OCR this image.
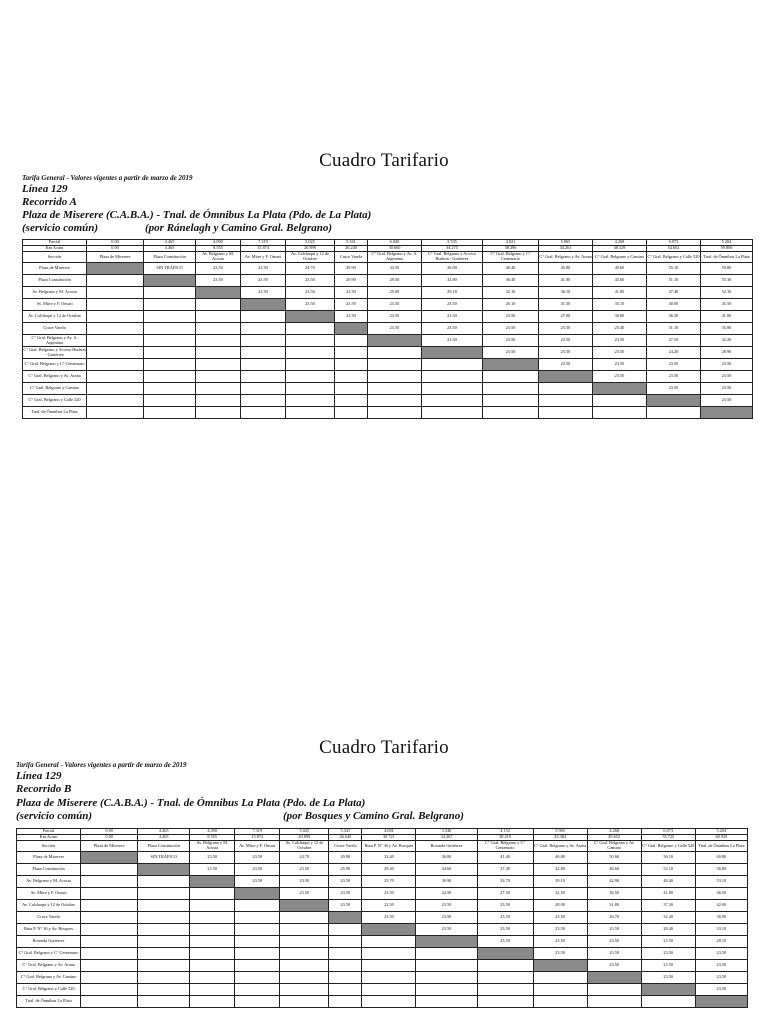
Cuadro Tarifario
Tarifa General - Valores vigentes a partir de marzo de 2019
Línea 129
Recorrido A
Plaza de Miserere (C.A.B.A.) - Tnal. de Ómnibus La Plata (Pdo. de La Plata)
(servicio común)	(por Ránelagh y Camino Gral. Belgrano)
Parcial	0.00	4.465	4.090	7.319	5.025	5.341	6.020	3.535	4.021	5.965	4.268	6.073	5.204
Km Acum	0.00	4.465	8.555	15.874	20.899	26.240	30.660	34.275	38.296	44.261	48.529	54.602	59.806
Sección	Plaza de Miserere	Plaza Constitución	Av. Belgrano y M. Acosta	Av. Mitre y F. Onsari	Av. Calchaquí y 12 de Octubre	Cruce Varela	C° Gral. Belgrano y Av. A. Argentina	C° Gral. Belgrano y Acceso Hudson - Gutiérrez	C° Gral. Belgrano y C° Centenario	C° Gral. Belgrano y Av. Arana	C° Gral. Belgrano y Camino	C° Gral. Belgrano y Calle 520	Tnal. de Ómnibus La Plata
Plaza de Miserere		SIN TRÁFICO	23.50	23.50	24.70	29.90	33.50	36.00	40.40	45.80	49.60	55.10	59.80
Plaza Constitución			23.50	23.50	23.50	29.90	29.50	32.80	36.40	41.80	45.60	51.10	55.30
Av. Belgrano y M. Acosta				23.50	23.50	23.50	25.00	29.18	32.10	36.10	41.80	47.40	52.10
Av. Mitre y F. Onsari					23.50	23.50	23.50	23.50	26.10	31.50	35.10	40.00	45.50
Av. Calchaquí y 12 de Octubre						23.50	23.50	23.50	23.50	27.00	30.80	36.30	41.00
Cruce Varela							23.50	23.50	23.50	23.50	25.40	31.10	35.80
C° Gral. Belgrano y Av. A. Argentina								23.50	23.50	23.50	23.50	27.50	32.20
C° Gral. Belgrano y Acceso Hudson - Gutiérrez									23.50	23.50	23.50	24.20	28.90
C° Gral. Belgrano y C° Centenario										23.50	23.50	23.50	23.50
C° Gral. Belgrano y Av. Arana											23.50	23.50	23.50
C° Gral. Belgrano y Camino												23.50	23.50
C° Gral. Belgrano y Calle 520													23.50
Tnal. de Ómnibus La Plata													
Cuadro Tarifario
Tarifa General - Valores vigentes a partir de marzo de 2019
Línea 129
Recorrido B
Plaza de Miserere (C.A.B.A.) - Tnal. de Ómnibus La Plata (Pdo. de La Plata)
(servicio común)	(por Bosques y Camino Gral. Belgrano)
Parcial	0.00	4.465	4.090	7.319	5.025	5.341	4.081	3.546	4.152	5.965	4.268	6.073	5.204
Km Acum	0.00	4.465	8.555	15.874	20.899	26.640	30.721	34.267	38.419	43.384	49.652	55.725	60.929
Sección	Plaza de Miserere	Plaza Constitución	Av. Belgrano y M. Acosta	Av. Mitre y F. Onsari	Av. Calchaquí y 12 de Octubre	Cruce Varela	Ruta P. N° 36 y Av. Bosques	Rotonda Gutiérrez	C° Gral. Belgrano y C° Centenario	C° Gral. Belgrano y Av. Arana	C° Gral. Belgrano y Av. Camino	C° Gral. Belgrano y Calle 520	Tnal. de Ómnibus La Plata
Plaza de Miserere		SIN TRÁFICO	23.50	23.50	24.70	29.90	33.40	36.00	41.40	46.80	50.60	56.10	60.80
Plaza Constitución			23.50	23.50	23.50	25.90	29.40	34.60	37.40	42.80	46.60	52.10	56.80
Av. Belgrano y M. Acosta				23.50	23.50	23.50	25.70	30.90	33.70	39.10	42.90	48.40	53.10
Av. Mitre y F. Onsari					23.50	23.50	23.50	24.50	27.30	32.50	36.50	41.80	46.50
Av. Calchaquí y 12 de Octubre						23.50	23.50	23.50	23.50	28.00	31.80	37.30	42.00
Cruce Varela							23.50	23.50	23.50	23.50	26.70	32.20	36.90
Ruta P. N° 36 y Av. Bosques								23.50	23.50	23.50	23.50	28.40	33.10
Rotonda Gutiérrez									23.50	23.50	23.50	23.50	28.10
C° Gral. Belgrano y C° Centenario										23.50	23.50	23.50	23.50
C° Gral. Belgrano y Av. Arana											23.50	23.50	23.50
C° Gral. Belgrano y Av. Camino												23.50	23.50
C° Gral. Belgrano y Calle 520													23.50
Tnal. de Ómnibus La Plata													
